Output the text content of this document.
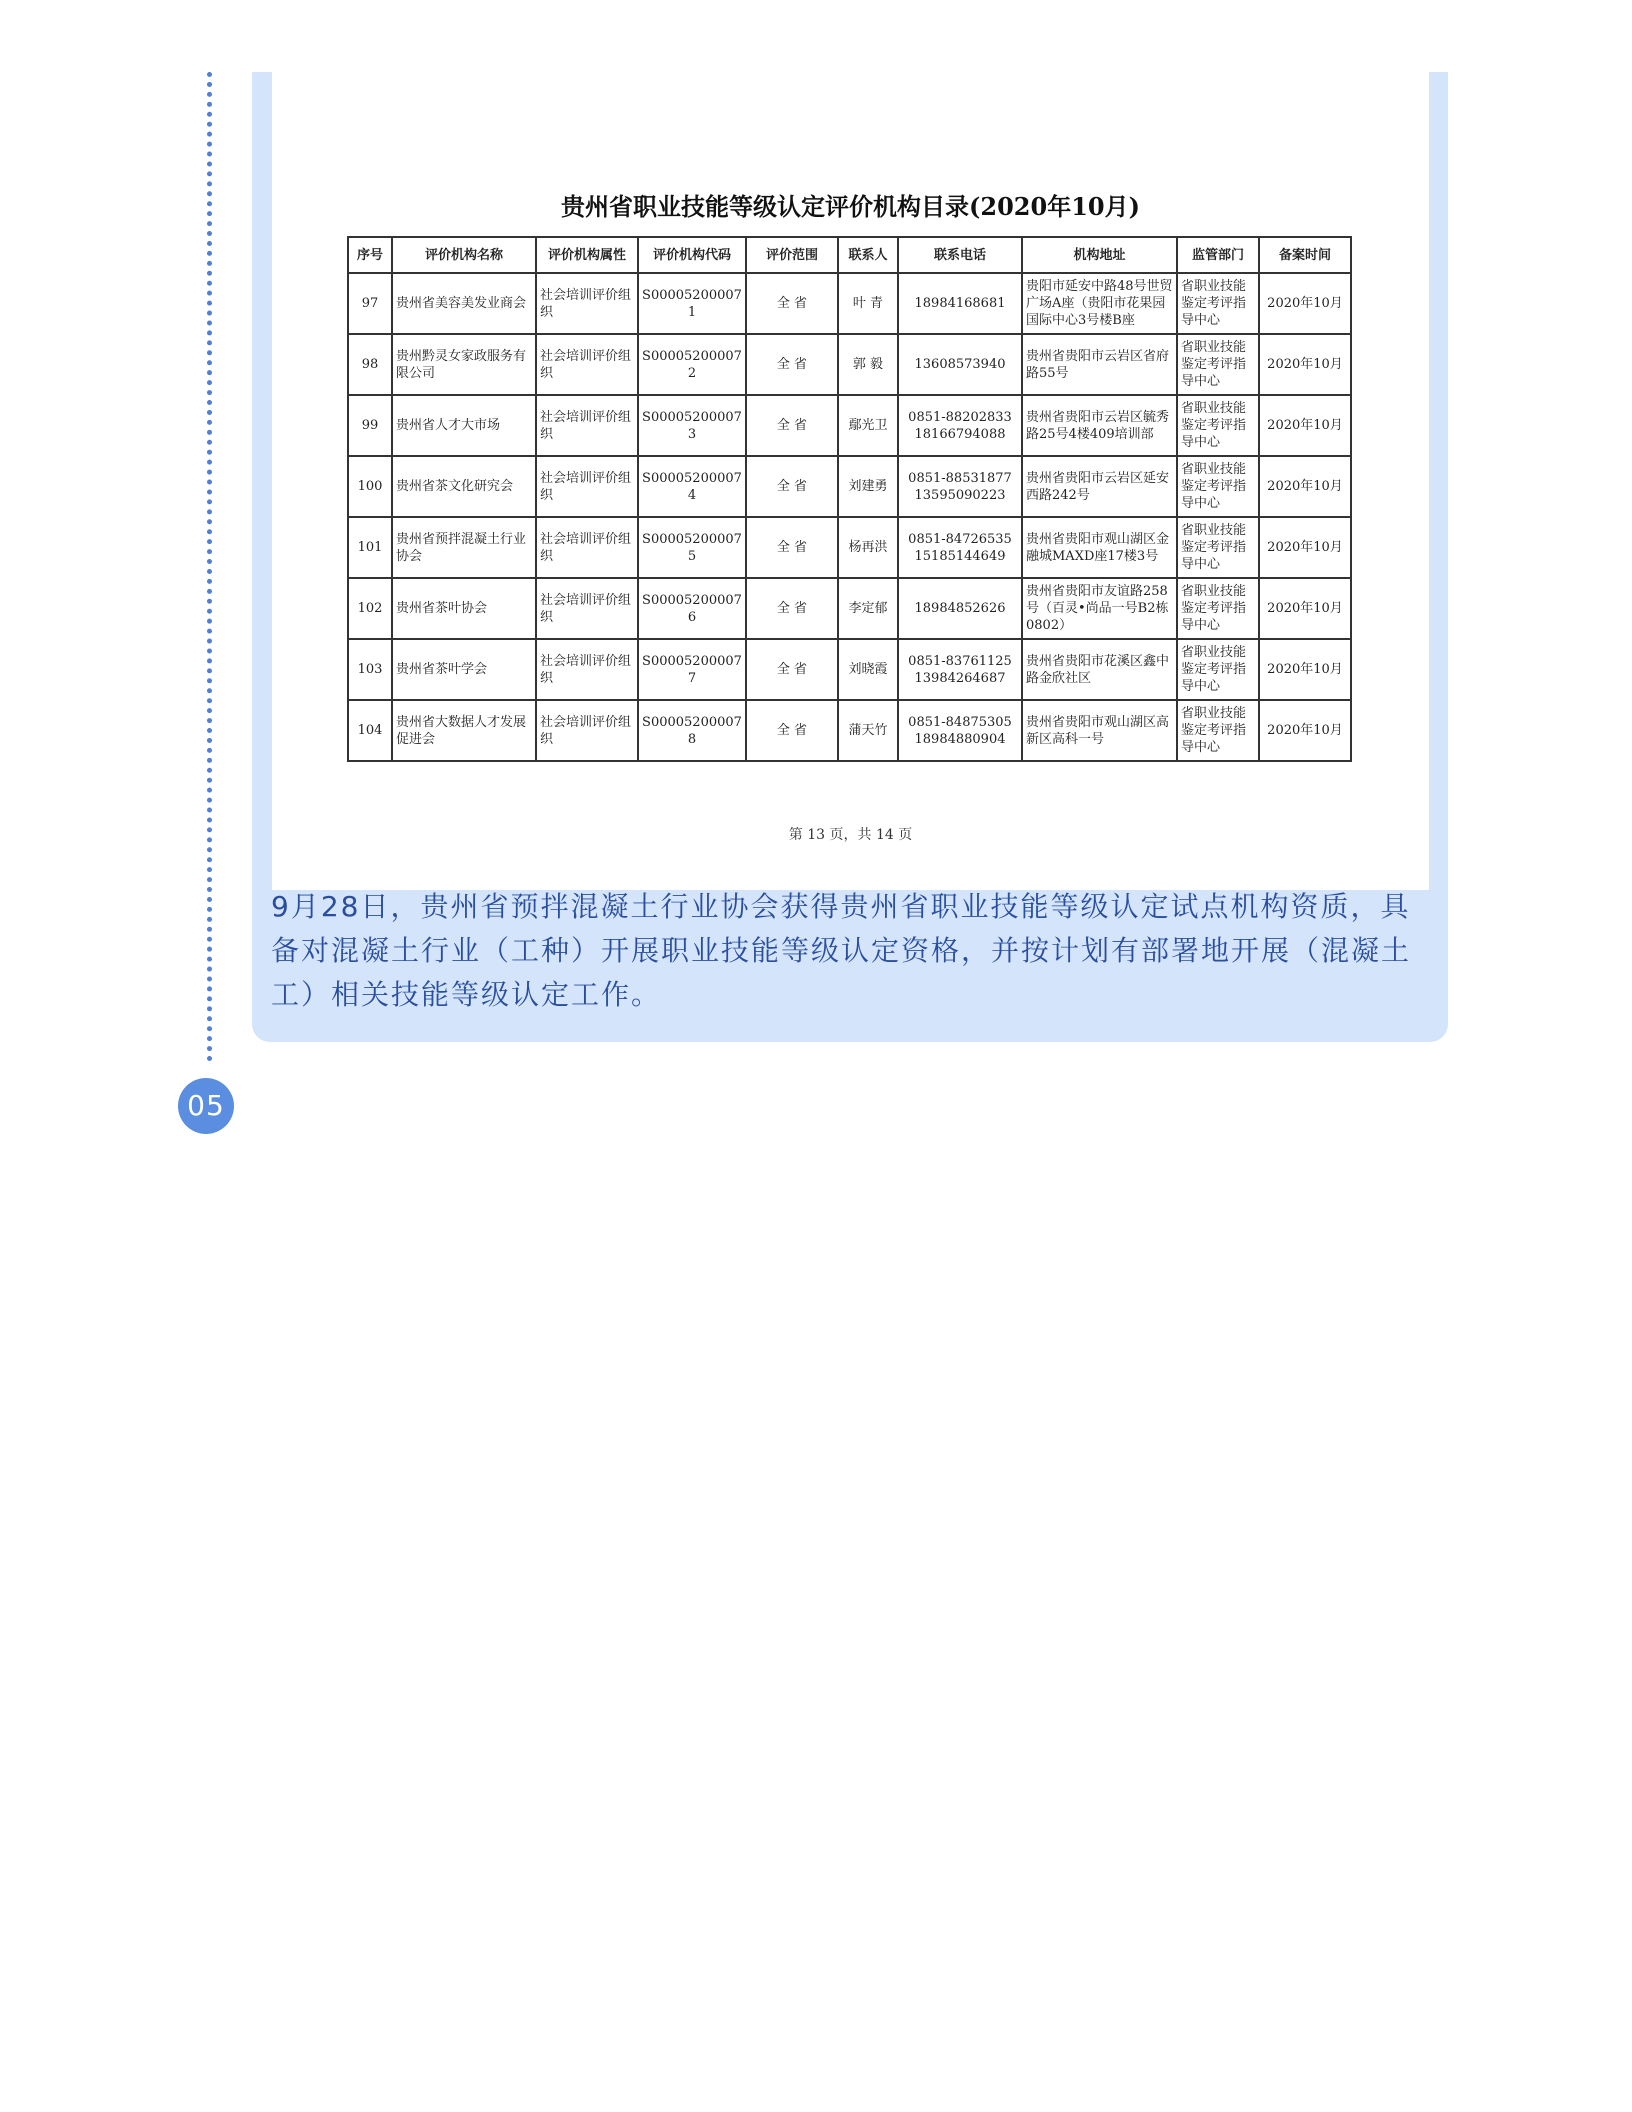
贵州省职业技能等级认定评价机构目录(2020年10月)
序号	评价机构名称	评价机构属性	评价机构代码	评价范围	联系人	联系电话	机构地址	监管部门	备案时间
97	贵州省美容美发业商会	社会培训评价组织	S000052000071	全 省	叶 青	18984168681	贵阳市延安中路48号世贸广场A座（贵阳市花果园国际中心3号楼B座	省职业技能鉴定考评指导中心	2020年10月
98	贵州黔灵女家政服务有限公司	社会培训评价组织	S000052000072	全 省	郭 毅	13608573940	贵州省贵阳市云岩区省府路55号	省职业技能鉴定考评指导中心	2020年10月
99	贵州省人才大市场	社会培训评价组织	S000052000073	全 省	鄢光卫	0851-88202833 18166794088	贵州省贵阳市云岩区毓秀路25号4楼409培训部	省职业技能鉴定考评指导中心	2020年10月
100	贵州省茶文化研究会	社会培训评价组织	S000052000074	全 省	刘建勇	0851-88531877 13595090223	贵州省贵阳市云岩区延安西路242号	省职业技能鉴定考评指导中心	2020年10月
101	贵州省预拌混凝土行业协会	社会培训评价组织	S000052000075	全 省	杨再洪	0851-84726535 15185144649	贵州省贵阳市观山湖区金融城MAXD座17楼3号	省职业技能鉴定考评指导中心	2020年10月
102	贵州省茶叶协会	社会培训评价组织	S000052000076	全 省	李定郁	18984852626	贵州省贵阳市友谊路258号（百灵•尚品一号B2栋0802）	省职业技能鉴定考评指导中心	2020年10月
103	贵州省茶叶学会	社会培训评价组织	S000052000077	全 省	刘晓霞	0851-83761125 13984264687	贵州省贵阳市花溪区鑫中路金欣社区	省职业技能鉴定考评指导中心	2020年10月
104	贵州省大数据人才发展促进会	社会培训评价组织	S000052000078	全 省	蒲天竹	0851-84875305 18984880904	贵州省贵阳市观山湖区高新区高科一号	省职业技能鉴定考评指导中心	2020年10月
第 13 页，共 14 页
9月28日，贵州省预拌混凝土行业协会获得贵州省职业技能等级认定试点机构资质，具备对混凝土行业（工种）开展职业技能等级认定资格，并按计划有部署地开展（混凝土工）相关技能等级认定工作。
05
